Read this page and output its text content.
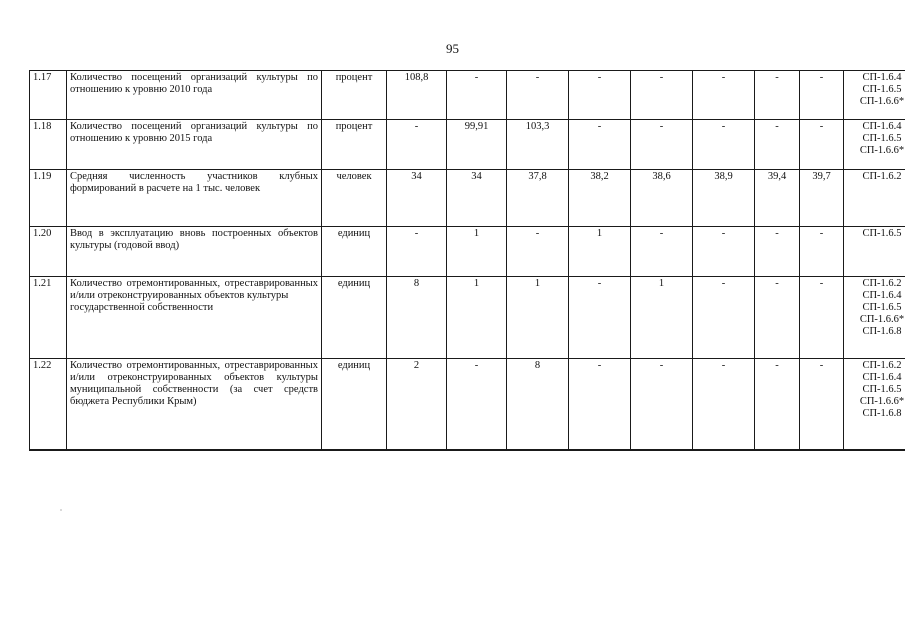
95
1.17	Количество посещений организаций культуры по отношению к уровню 2010 года	процент	108,8	-	-	-	-	-	-	-	СП-1.6.4
СП-1.6.5
СП-1.6.6*
1.18	Количество посещений организаций культуры по отношению к уровню 2015 года	процент	-	99,91	103,3	-	-	-	-	-	СП-1.6.4
СП-1.6.5
СП-1.6.6*
1.19	Средняя численность участников клубных формирований в расчете на 1 тыс. человек	человек	34	34	37,8	38,2	38,6	38,9	39,4	39,7	СП-1.6.2
1.20	Ввод в эксплуатацию вновь построенных объектов культуры (годовой ввод)	единиц	-	1	-	1	-	-	-	-	СП-1.6.5
1.21	Количество отремонтированных, отреставрированных и/или отреконструированных объектов культуры
государственной собственности	единиц	8	1	1	-	1	-	-	-	СП-1.6.2
СП-1.6.4
СП-1.6.5
СП-1.6.6*
СП-1.6.8
1.22	Количество отремонтированных, отреставрированных и/или отреконструированных объектов культуры муниципальной собственности (за счет средств бюджета Республики Крым)	единиц	2	-	8	-	-	-	-	-	СП-1.6.2
СП-1.6.4
СП-1.6.5
СП-1.6.6*
СП-1.6.8
